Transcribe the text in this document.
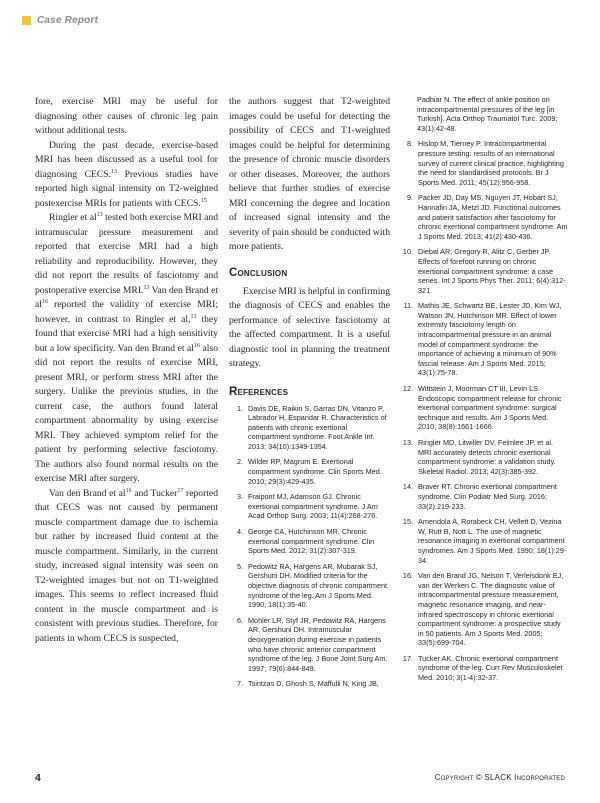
Case Report

fore, exercise MRI may be useful for diagnosing other causes of chronic leg pain without additional tests.

During the past decade, exercise-based MRI has been discussed as a useful tool for diagnosing CECS.$^{13}$ Previous studies have reported high signal intensity on T2-weighted postexercise MRIs for patients with CECS.$^{15}$

Ringler et $al^{13}$ tested both exercise MRI and intramuscular pressure measurement and reported that exercise MRI had a high reliability and reproducibility. However, they did not report the results of fasciotomy and postoperative exercise MRI.$^{13}$ Van den Brand et $al^{16}$ reported the validity of exercise MRI; however, in contrast to Ringler et al,$^{13}$ they found that exercise MRI had a high sensitivity but a low specificity. Van den Brand et $al^{16}$ also did not report the results of exercise MRI, present MRI, or perform stress MRI after the surgery. Unlike the previous studies, in the current case, the authors found lateral compartment abnormality by using exercise MRI. They achieved symptom relief for the patient by performing selective fasciotomy. The authors also found normal results on the exercise MRI after surgery.

Van den Brand et $al^{16}$ and Tucker$^{17}$ reported that CECS was not caused by permanent muscle compartment damage due to ischemia but rather by increased fluid content at the muscle compartment. Similarly, in the current study, increased signal intensity was seen on T2-weighted images but not on T1-weighted images. This seems to reflect increased fluid content in the muscle compartment and is consistent with previous studies. Therefore, for patients in whom CECS is suspected,

the authors suggest that T2-weighted images could be useful for detecting the possibility of CECS and T1-weighted images could be helpful for determining the presence of chronic muscle disorders or other diseases. Moreover, the authors believe that further studies of exercise MRI concerning the degree and location of increased signal intensity and the severity of pain should be conducted with more patients.

Conclusion

Exercise MRI is helpful in confirming the diagnosis of CECS and enables the performance of selective fasciotomy at the affected compartment. It is a useful diagnostic tool in planning the treatment strategy.

References
1. Davis DE, Raikin S, Garras DN, Vitanzo P, Labrador H, Espandar R. Characteristics of patients with chronic exertional compartment syndrome. Foot Ankle Int. 2013; 34(10):1349-1354.
2. Wilder RP, Magrum E. Exertional compartment syndrome. Clin Sports Med. 2010; 29(3):429-435.
3. Fraipont MJ, Adamson GJ. Chronic exertional compartment syndrome. J Am Acad Orthop Surg. 2003; 11(4):268-276.
4. George CA, Hutchinson MR. Chronic exertional compartment syndrome. Clin Sports Med. 2012; 31(2):307-319.
5. Pedowitz RA, Hargens AR, Mubarak SJ, Gershuni DH. Modified criteria for the objective diagnosis of chronic compartment syndrome of the leg. Am J Sports Med. 1990; 18(1):35-40.
6. Mohler LR, Styf JR, Pedowitz RA, Hargens AR, Gershuni DH. Intramuscular deoxygenation during exercise in patients who have chronic anterior compartment syndrome of the leg. J Bone Joint Surg Am. 1997; 79(6):844-849.
7. Tsintzas D, Ghosh S, Maffulli N, King JB,
Padhiar N. The effect of ankle position on intracompartmental pressures of the leg [in Turkish]. Acta Orthop Traumatol Turc. 2009; 43(1):42-48.
8. Hislop M, Tierney P. Intracompartmental pressure testing: results of an international survey of current clinical practice, highlighting the need for standardised protocols. Br J Sports Med. 2011; 45(12):956-958.
9. Packer JD, Day MS, Nguyen JT, Hobart SJ, Hannafin JA, Metzl JD. Functional outcomes and patient satisfaction after fasciotomy for chronic exertional compartment syndrome. Am J Sports Med. 2013; 41(2):430-436.
10. Diebal AR, Gregory R, Alitz C, Gerber JP. Effects of forefoot running on chronic exertional compartment syndrome: a case series. Int J Sports Phys Ther. 2011; 6(4):312-321.
11. Mathis JE, Schwartz BE, Lester JD, Kim WJ, Watson JN, Hutchinson MR. Effect of lower extremity fasciotomy length on intracompartmental pressure in an animal model of compartment syndrome: the importance of achieving a minimum of 90% fascial release. Am J Sports Med. 2015; 43(1):75-78.
12. Wittstein J, Moorman CT III, Levin LS. Endoscopic compartment release for chronic exertional compartment syndrome: surgical technique and results. Am J Sports Med. 2010; 38(8):1661-1666.
13. Ringler MD, Litwiller DV, Felmlee JP, et al. MRI accurately detects chronic exertional compartment syndrome: a validation study. Skeletal Radiol. 2013; 42(3):385-392.
14. Braver RT. Chronic exertional compartment syndrome. Clin Podiatr Med Surg. 2016; 33(2):219-233.
15. Amendola A, Rorabeck CH, Vellett D, Vezina W, Rutt B, Nott L. The use of magnetic resonance imaging in exertional compartment syndromes. Am J Sports Med. 1990; 18(1):29-34.
16. Van den Brand JG, Nelson T, Verleisdonk EJ, van der Werken C. The diagnostic value of intracompartmental pressure measurement, magnetic resonance imaging, and near-infrared spectroscopy in chronic exertional compartment syndrome: a prospective study in 50 patients. Am J Sports Med. 2005; 33(5):699-704.
17. Tucker AK. Chronic exertional compartment syndrome of the leg. Curr Rev Musculoskelet Med. 2010; 3(1-4):32-37.
4	Copyright © SLACK Incorporated
